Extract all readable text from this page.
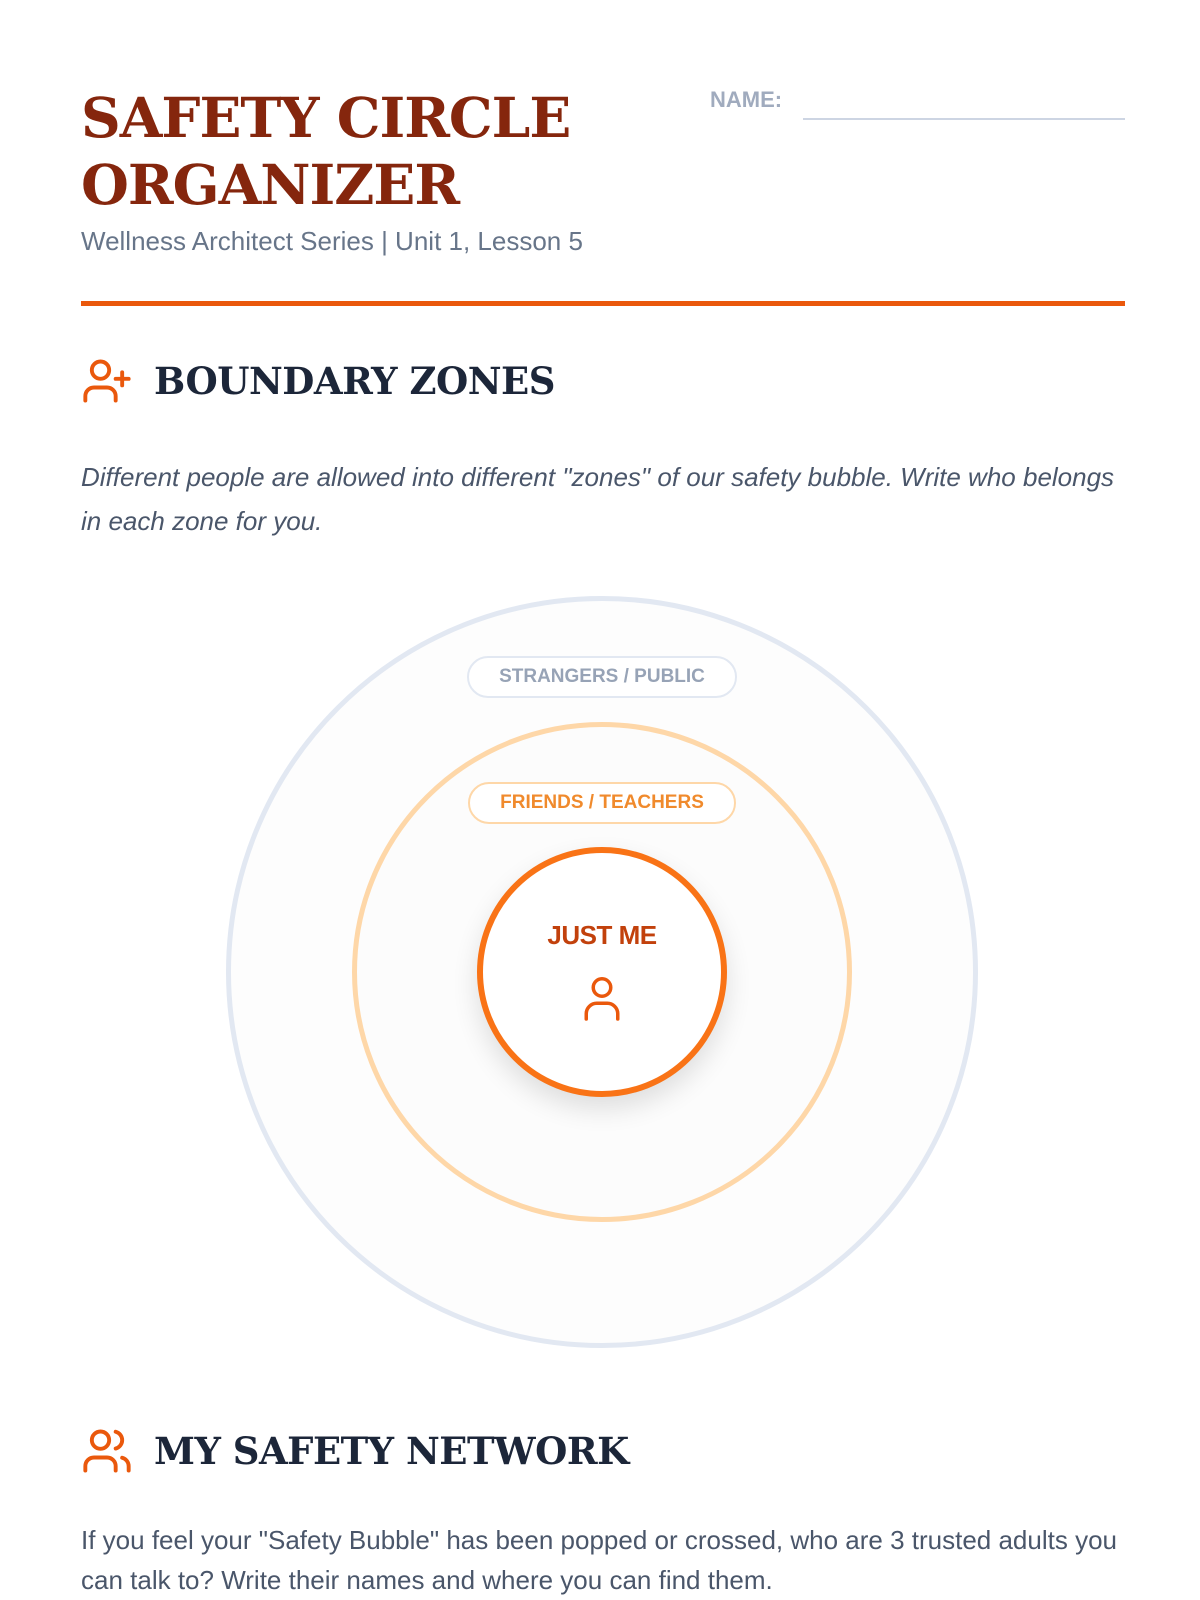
SAFETY CIRCLE ORGANIZER
Wellness Architect Series | Unit 1, Lesson 5
NAME:
BOUNDARY ZONES
Different people are allowed into different "zones" of our safety bubble. Write who belongs in each zone for you.
STRANGERS / PUBLIC
FRIENDS / TEACHERS
JUST ME
MY SAFETY NETWORK
If you feel your "Safety Bubble" has been popped or crossed, who are 3 trusted adults you can talk to? Write their names and where you can find them.
